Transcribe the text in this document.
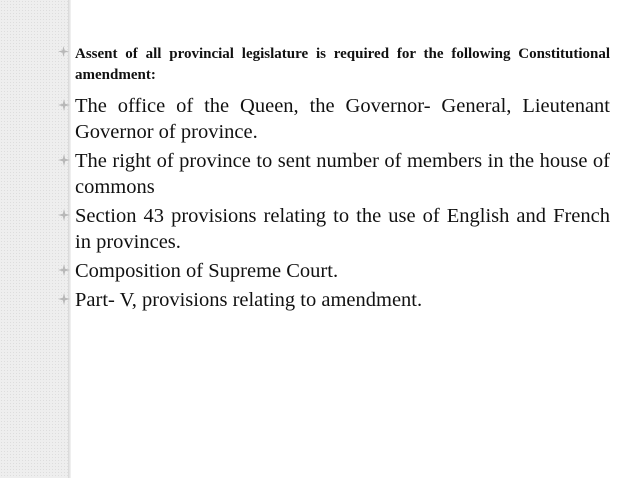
Assent of all provincial legislature is required for the following Constitutional amendment:
The office of the Queen, the Governor- General, Lieutenant Governor of province.
The right of province to sent number of members in the house of commons
Section 43 provisions relating to the use of English and French in provinces.
Composition of Supreme Court.
Part- V, provisions relating to amendment.
